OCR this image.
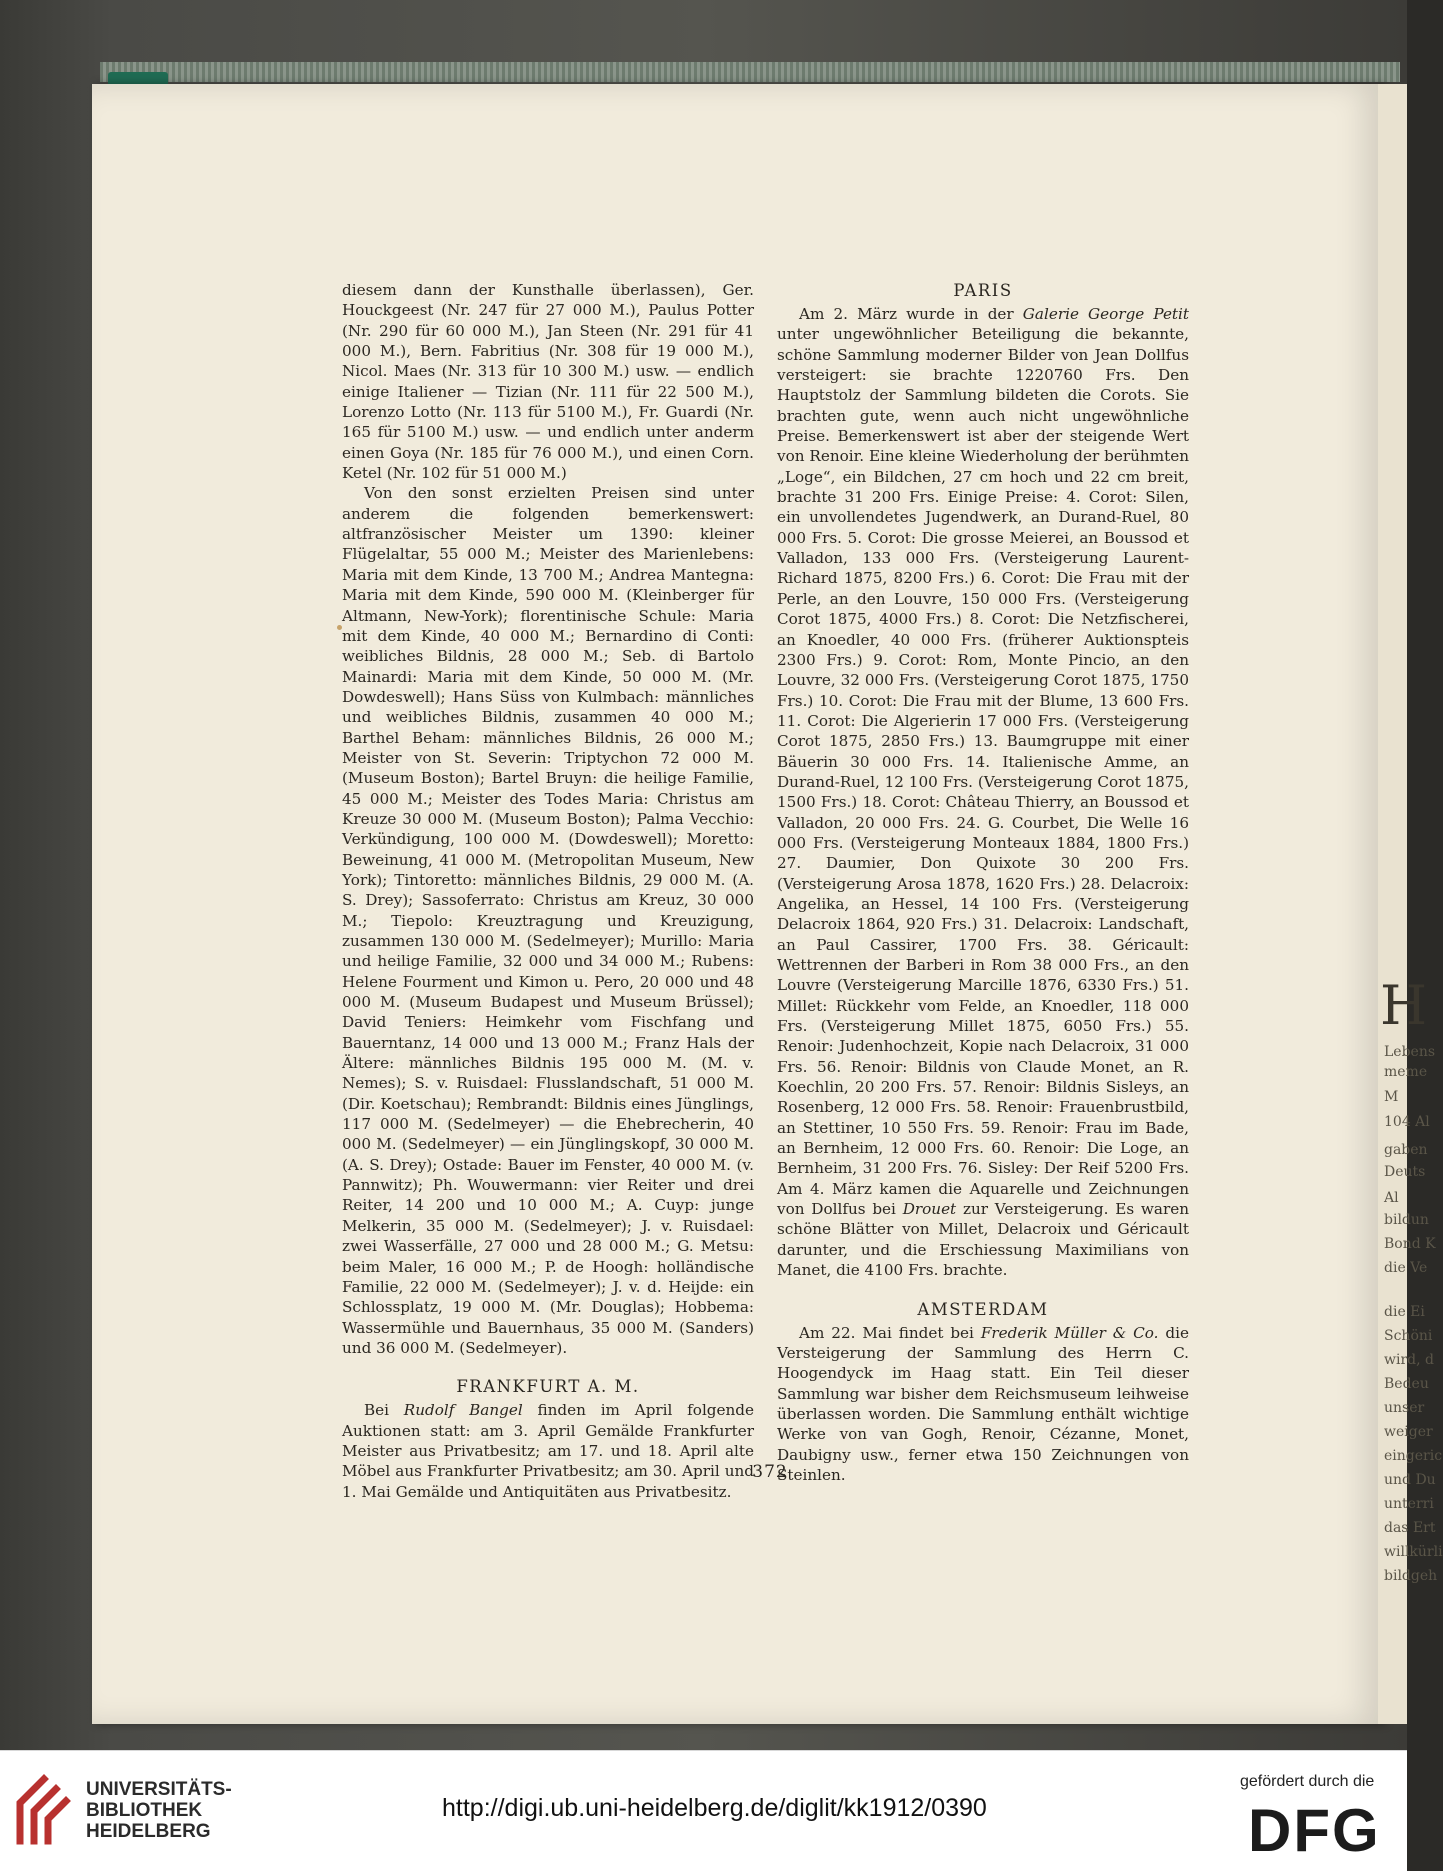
H
Lebens
meme
M
104 Al
gaben
Deuts
Al
bildun
Bond K
die Ve
die Ei
Schöni
wird, d
Bedeu
unser
weiger
eingeric
und Du
unterri
das Ert
willkürli
bildgeh

diesem dann der Kunsthalle überlassen), Ger. Houckgeest (Nr. 247 für 27 000 M.), Paulus Potter (Nr. 290 für 60 000 M.), Jan Steen (Nr. 291 für 41 000 M.), Bern. Fabritius (Nr. 308 für 19 000 M.), Nicol. Maes (Nr. 313 für 10 300 M.) usw. — endlich einige Italiener — Tizian (Nr. 111 für 22 500 M.), Lorenzo Lotto (Nr. 113 für 5100 M.), Fr. Guardi (Nr. 165 für 5100 M.) usw. — und endlich unter anderm einen Goya (Nr. 185 für 76 000 M.), und einen Corn. Ketel (Nr. 102 für 51 000 M.)

Von den sonst erzielten Preisen sind unter anderem die folgenden bemerkenswert: altfranzösischer Meister um 1390: kleiner Flügelaltar, 55 000 M.; Meister des Marienlebens: Maria mit dem Kinde, 13 700 M.; Andrea Mantegna: Maria mit dem Kinde, 590 000 M. (Kleinberger für Altmann, New-York); florentinische Schule: Maria mit dem Kinde, 40 000 M.; Bernardino di Conti: weibliches Bildnis, 28 000 M.; Seb. di Bartolo Mainardi: Maria mit dem Kinde, 50 000 M. (Mr. Dowdeswell); Hans Süss von Kulmbach: männliches und weibliches Bildnis, zusammen 40 000 M.; Barthel Beham: männliches Bildnis, 26 000 M.; Meister von St. Severin: Triptychon 72 000 M. (Museum Boston); Bartel Bruyn: die heilige Familie, 45 000 M.; Meister des Todes Maria: Christus am Kreuze 30 000 M. (Museum Boston); Palma Vecchio: Verkündigung, 100 000 M. (Dowdeswell); Moretto: Beweinung, 41 000 M. (Metropolitan Museum, New York); Tintoretto: männliches Bildnis, 29 000 M. (A. S. Drey); Sassoferrato: Christus am Kreuz, 30 000 M.; Tiepolo: Kreuztragung und Kreuzigung, zusammen 130 000 M. (Sedelmeyer); Murillo: Maria und heilige Familie, 32 000 und 34 000 M.; Rubens: Helene Fourment und Kimon u. Pero, 20 000 und 48 000 M. (Museum Budapest und Museum Brüssel); David Teniers: Heimkehr vom Fischfang und Bauerntanz, 14 000 und 13 000 M.; Franz Hals der Ältere: männliches Bildnis 195 000 M. (M. v. Nemes); S. v. Ruisdael: Flusslandschaft, 51 000 M. (Dir. Koetschau); Rembrandt: Bildnis eines Jünglings, 117 000 M. (Sedelmeyer) — die Ehebrecherin, 40 000 M. (Sedelmeyer) — ein Jünglingskopf, 30 000 M. (A. S. Drey); Ostade: Bauer im Fenster, 40 000 M. (v. Pannwitz); Ph. Wouwermann: vier Reiter und drei Reiter, 14 200 und 10 000 M.; A. Cuyp: junge Melkerin, 35 000 M. (Sedelmeyer); J. v. Ruisdael: zwei Wasserfälle, 27 000 und 28 000 M.; G. Metsu: beim Maler, 16 000 M.; P. de Hoogh: holländische Familie, 22 000 M. (Sedelmeyer); J. v. d. Heijde: ein Schlossplatz, 19 000 M. (Mr. Douglas); Hobbema: Wassermühle und Bauernhaus, 35 000 M. (Sanders) und 36 000 M. (Sedelmeyer).

FRANKFURT A. M.

Bei Rudolf Bangel finden im April folgende Auktionen statt: am 3. April Gemälde Frankfurter Meister aus Privatbesitz; am 17. und 18. April alte Möbel aus Frankfurter Privatbesitz; am 30. April und 1. Mai Gemälde und Antiquitäten aus Privatbesitz.

PARIS

Am 2. März wurde in der Galerie George Petit unter ungewöhnlicher Beteiligung die bekannte, schöne Sammlung moderner Bilder von Jean Dollfus versteigert: sie brachte 1220760 Frs. Den Hauptstolz der Sammlung bildeten die Corots. Sie brachten gute, wenn auch nicht ungewöhnliche Preise. Bemerkenswert ist aber der steigende Wert von Renoir. Eine kleine Wiederholung der berühmten „Loge“, ein Bildchen, 27 cm hoch und 22 cm breit, brachte 31 200 Frs. Einige Preise: 4. Corot: Silen, ein unvollendetes Jugendwerk, an Durand-Ruel, 80 000 Frs. 5. Corot: Die grosse Meierei, an Boussod et Valladon, 133 000 Frs. (Versteigerung Laurent-Richard 1875, 8200 Frs.) 6. Corot: Die Frau mit der Perle, an den Louvre, 150 000 Frs. (Versteigerung Corot 1875, 4000 Frs.) 8. Corot: Die Netzfischerei, an Knoedler, 40 000 Frs. (früherer Auktionspteis 2300 Frs.) 9. Corot: Rom, Monte Pincio, an den Louvre, 32 000 Frs. (Versteigerung Corot 1875, 1750 Frs.) 10. Corot: Die Frau mit der Blume, 13 600 Frs. 11. Corot: Die Algerierin 17 000 Frs. (Versteigerung Corot 1875, 2850 Frs.) 13. Baumgruppe mit einer Bäuerin 30 000 Frs. 14. Italienische Amme, an Durand-Ruel, 12 100 Frs. (Versteigerung Corot 1875, 1500 Frs.) 18. Corot: Château Thierry, an Boussod et Valladon, 20 000 Frs. 24. G. Courbet, Die Welle 16 000 Frs. (Versteigerung Monteaux 1884, 1800 Frs.) 27. Daumier, Don Quixote 30 200 Frs. (Versteigerung Arosa 1878, 1620 Frs.) 28. Delacroix: Angelika, an Hessel, 14 100 Frs. (Versteigerung Delacroix 1864, 920 Frs.) 31. Delacroix: Landschaft, an Paul Cassirer, 1700 Frs. 38. Géricault: Wettrennen der Barberi in Rom 38 000 Frs., an den Louvre (Versteigerung Marcille 1876, 6330 Frs.) 51. Millet: Rückkehr vom Felde, an Knoedler, 118 000 Frs. (Versteigerung Millet 1875, 6050 Frs.) 55. Renoir: Judenhochzeit, Kopie nach Delacroix, 31 000 Frs. 56. Renoir: Bildnis von Claude Monet, an R. Koechlin, 20 200 Frs. 57. Renoir: Bildnis Sisleys, an Rosenberg, 12 000 Frs. 58. Renoir: Frauenbrustbild, an Stettiner, 10 550 Frs. 59. Renoir: Frau im Bade, an Bernheim, 12 000 Frs. 60. Renoir: Die Loge, an Bernheim, 31 200 Frs. 76. Sisley: Der Reif 5200 Frs. Am 4. März kamen die Aquarelle und Zeichnungen von Dollfus bei Drouet zur Versteigerung. Es waren schöne Blätter von Millet, Delacroix und Géricault darunter, und die Erschiessung Maximilians von Manet, die 4100 Frs. brachte.

AMSTERDAM

Am 22. Mai findet bei Frederik Müller & Co. die Versteigerung der Sammlung des Herrn C. Hoogendyck im Haag statt. Ein Teil dieser Sammlung war bisher dem Reichsmuseum leihweise überlassen worden. Die Sammlung enthält wichtige Werke von van Gogh, Renoir, Cézanne, Monet, Daubigny usw., ferner etwa 150 Zeichnungen von Steinlen.

372
UNIVERSITÄTS-
BIBLIOTHEK
HEIDELBERG
http://digi.ub.uni-heidelberg.de/diglit/kk1912/0390
gefördert durch die
DFG
